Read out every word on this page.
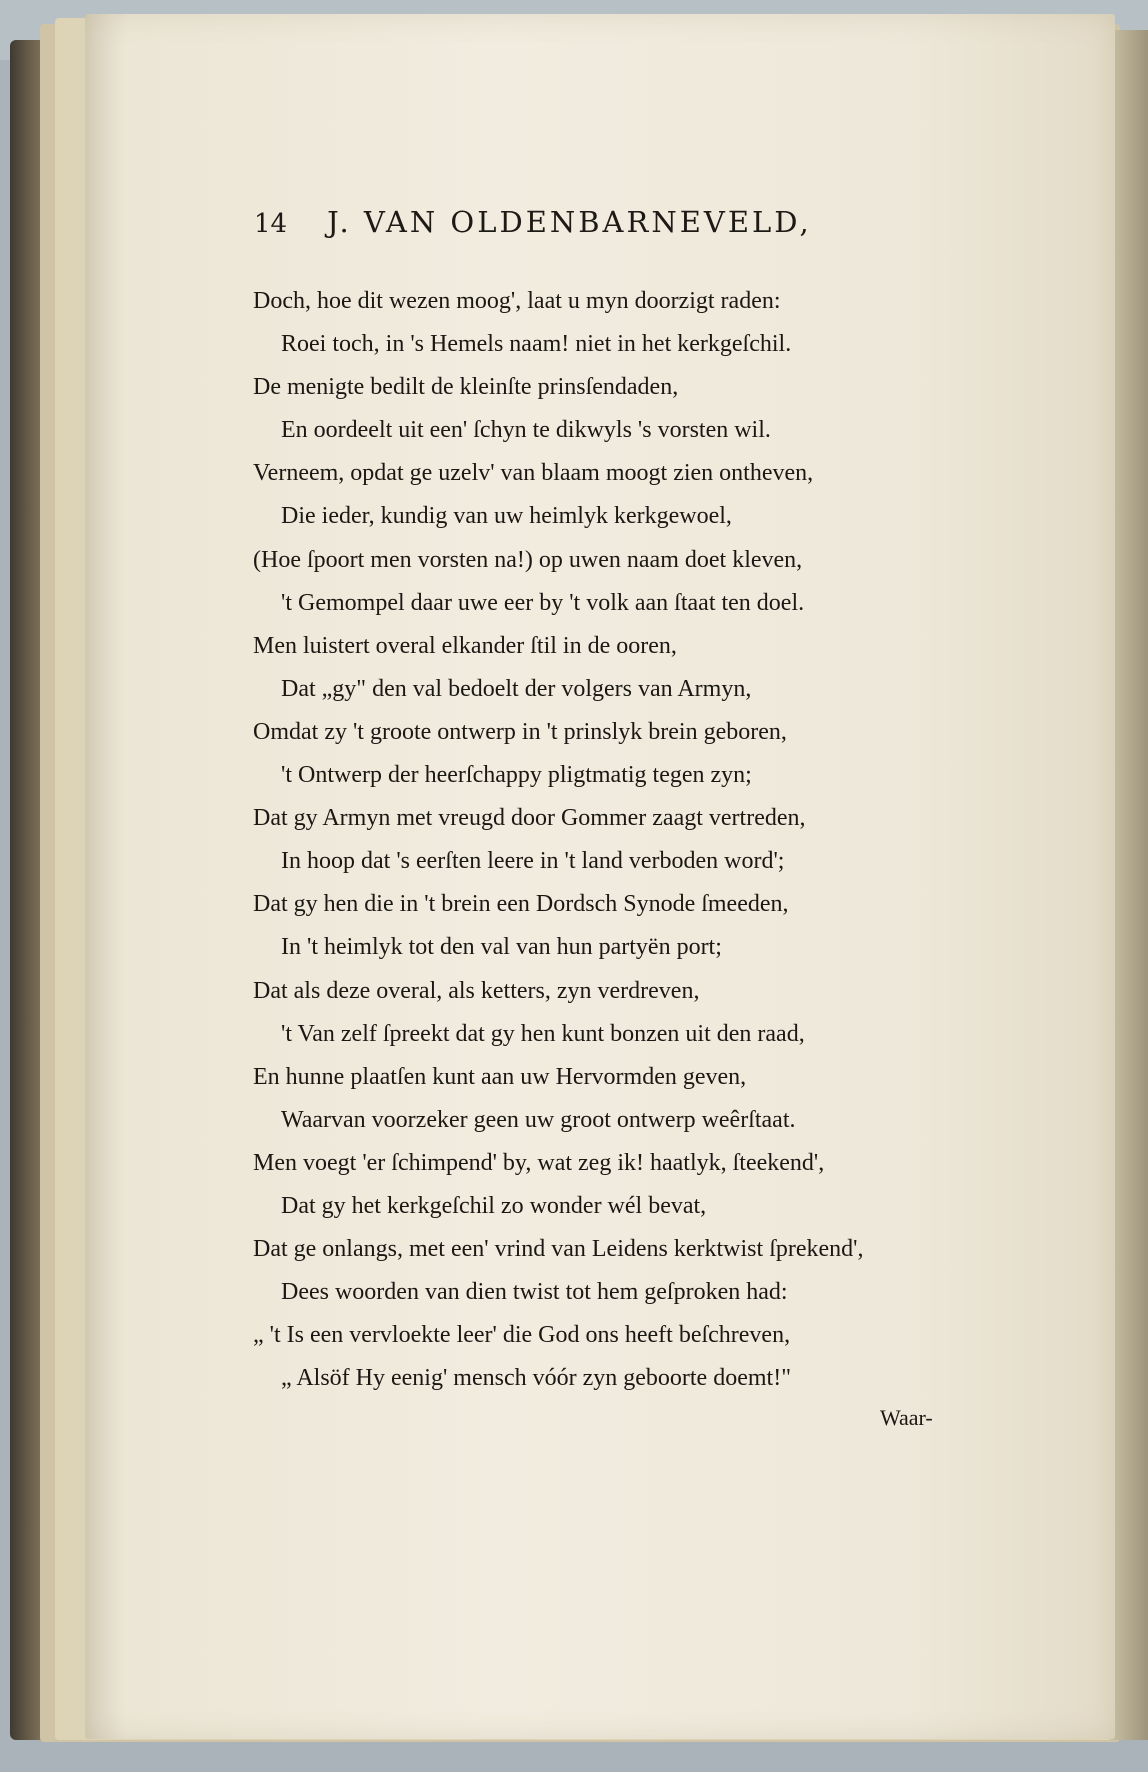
14 J. VAN OLDENBARNEVELD,
Doch, hoe dit wezen moog', laat u myn doorzigt raden:
Roei toch, in 's Hemels naam! niet in het kerkgeſchil.
De menigte bedilt de kleinſte prinsſendaden,
En oordeelt uit een' ſchyn te dikwyls 's vorsten wil.
Verneem, opdat ge uzelv' van blaam moogt zien ontheven,
Die ieder, kundig van uw heimlyk kerkgewoel,
(Hoe ſpoort men vorsten na!) op uwen naam doet kleven,
't Gemompel daar uwe eer by 't volk aan ſtaat ten doel.
Men luistert overal elkander ſtil in de ooren,
Dat „gy" den val bedoelt der volgers van Armyn,
Omdat zy 't groote ontwerp in 't prinslyk brein geboren,
't Ontwerp der heerſchappy pligtmatig tegen zyn;
Dat gy Armyn met vreugd door Gommer zaagt vertreden,
In hoop dat 's eerſten leere in 't land verboden word';
Dat gy hen die in 't brein een Dordsch Synode ſmeeden,
In 't heimlyk tot den val van hun partyën port;
Dat als deze overal, als ketters, zyn verdreven,
't Van zelf ſpreekt dat gy hen kunt bonzen uit den raad,
En hunne plaatſen kunt aan uw Hervormden geven,
Waarvan voorzeker geen uw groot ontwerp weêrſtaat.
Men voegt 'er ſchimpend' by, wat zeg ik! haatlyk, ſteekend',
Dat gy het kerkgeſchil zo wonder wél bevat,
Dat ge onlangs, met een' vrind van Leidens kerktwist ſprekend',
Dees woorden van dien twist tot hem geſproken had:
„ 't Is een vervloekte leer' die God ons heeft beſchreven,
„ Alsöf Hy eenig' mensch vóór zyn geboorte doemt!"
Waar-
